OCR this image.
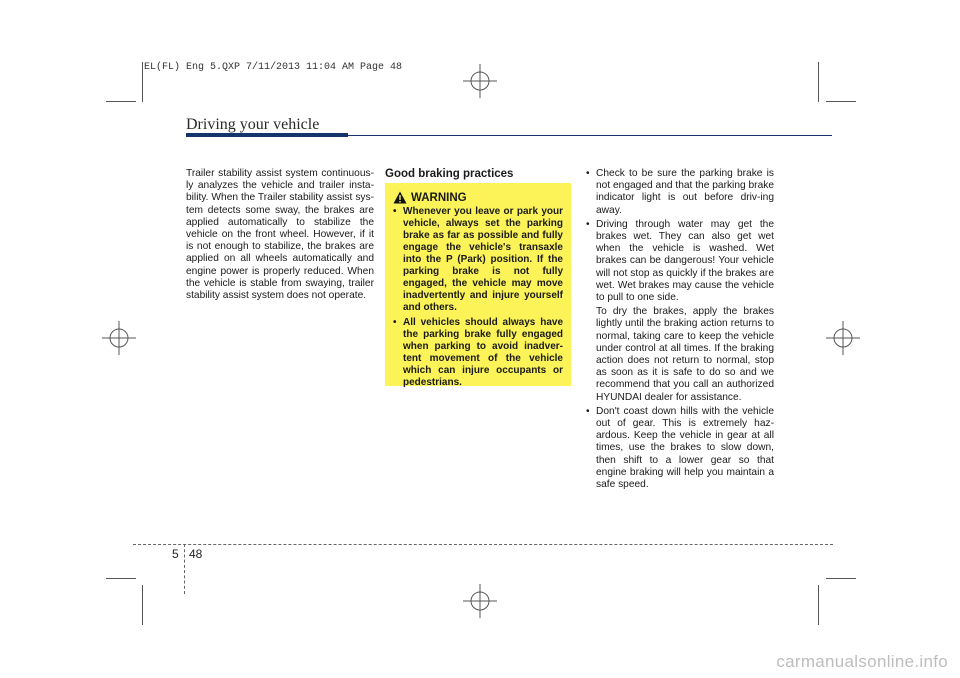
EL(FL) Eng 5.QXP 7/11/2013 11:04 AM Page 48
Driving your vehicle
Trailer stability assist system continuous-ly analyzes the vehicle and trailer insta-bility. When the Trailer stability assist sys-tem detects some sway, the brakes are applied automatically to stabilize the vehicle on the front wheel. However, if it is not enough to stabilize, the brakes are applied on all wheels automatically and engine power is properly reduced. When the vehicle is stable from swaying, trailer stability assist system does not operate.
Good braking practices
WARNING
• Whenever you leave or park your vehicle, always set the parking brake as far as possible and fully engage the vehicle's transaxle into the P (Park) position. If the parking brake is not fully engaged, the vehicle may move inadvertently and injure yourself and others.
• All vehicles should always have the parking brake fully engaged when parking to avoid inadver-tent movement of the vehicle which can injure occupants or pedestrians.

• Check to be sure the parking brake is not engaged and that the parking brake indicator light is out before driv-ing away.

• Driving through water may get the brakes wet. They can also get wet when the vehicle is washed. Wet brakes can be dangerous! Your vehicle will not stop as quickly if the brakes are wet. Wet brakes may cause the vehicle to pull to one side.

To dry the brakes, apply the brakes lightly until the braking action returns to normal, taking care to keep the vehicle under control at all times. If the braking action does not return to normal, stop as soon as it is safe to do so and we recommend that you call an authorized HYUNDAI dealer for assistance.

• Don't coast down hills with the vehicle out of gear. This is extremely haz-ardous. Keep the vehicle in gear at all times, use the brakes to slow down, then shift to a lower gear so that engine braking will help you maintain a safe speed.

5 48
carmanualsonline.info
